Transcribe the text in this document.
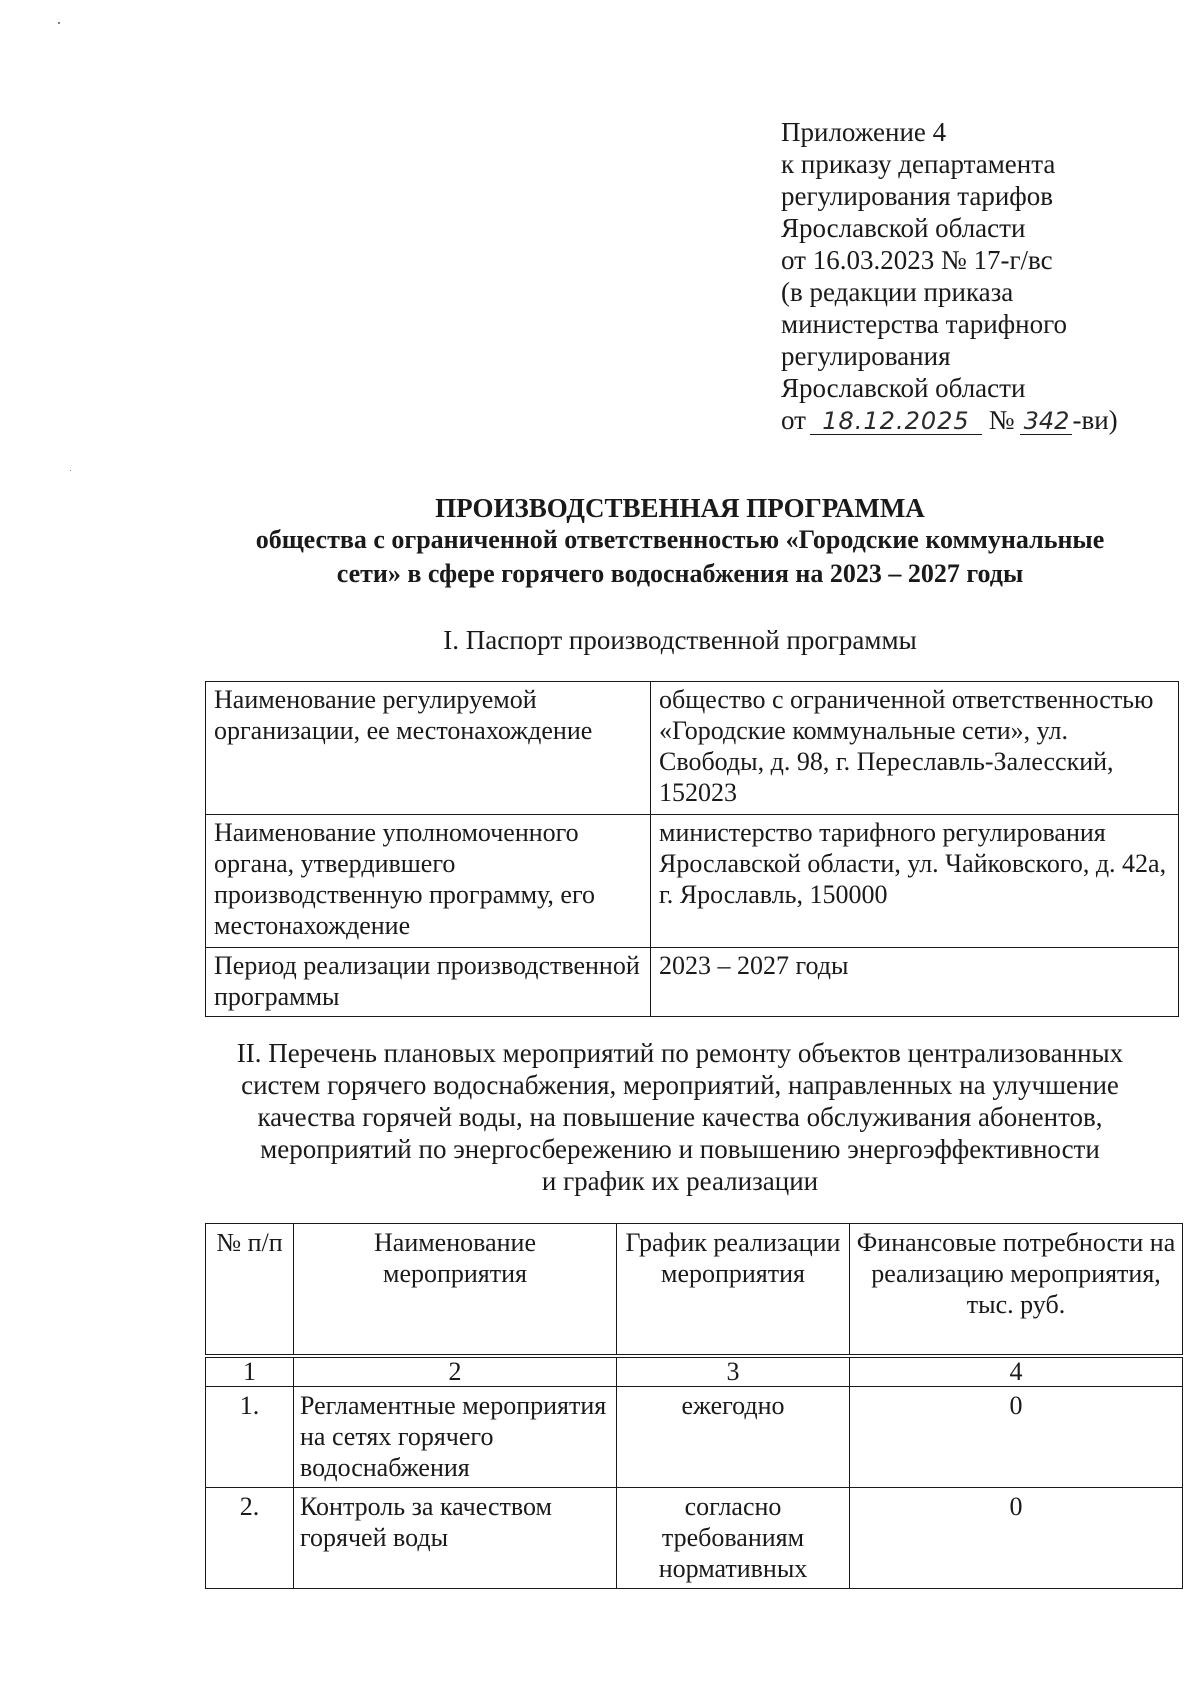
Приложение 4
к приказу департамента
регулирования тарифов
Ярославской области
от 16.03.2023 № 17-г/вс
(в редакции приказа
министерства тарифного
регулирования
Ярославской области
от 18.12.2025 № 342 -ви)
ПРОИЗВОДСТВЕННАЯ ПРОГРАММА
общества с ограниченной ответственностью «Городские коммунальные
сети» в сфере горячего водоснабжения на 2023 – 2027 годы
I. Паспорт производственной программы
Наименование регулируемой организации, ее местонахождение	общество с ограниченной ответственностью «Городские коммунальные сети», ул. Свободы, д. 98, г. Переславль-Залесский, 152023
Наименование уполномоченного органа, утвердившего производственную программу, его местонахождение	министерство тарифного регулирования Ярославской области, ул. Чайковского, д. 42а, г. Ярославль, 150000
Период реализации производственной программы	2023 – 2027 годы
II. Перечень плановых мероприятий по ремонту объектов централизованных
систем горячего водоснабжения, мероприятий, направленных на улучшение
качества горячей воды, на повышение качества обслуживания абонентов,
мероприятий по энергосбережению и повышению энергоэффективности
и график их реализации
№ п/п	Наименование мероприятия	График реализации мероприятия	Финансовые потребности на реализацию мероприятия, тыс. руб.
1	2	3	4
1.	Регламентные мероприятия на сетях горячего водоснабжения	ежегодно	0
2.	Контроль за качеством горячей воды	согласно требованиям нормативных	0
